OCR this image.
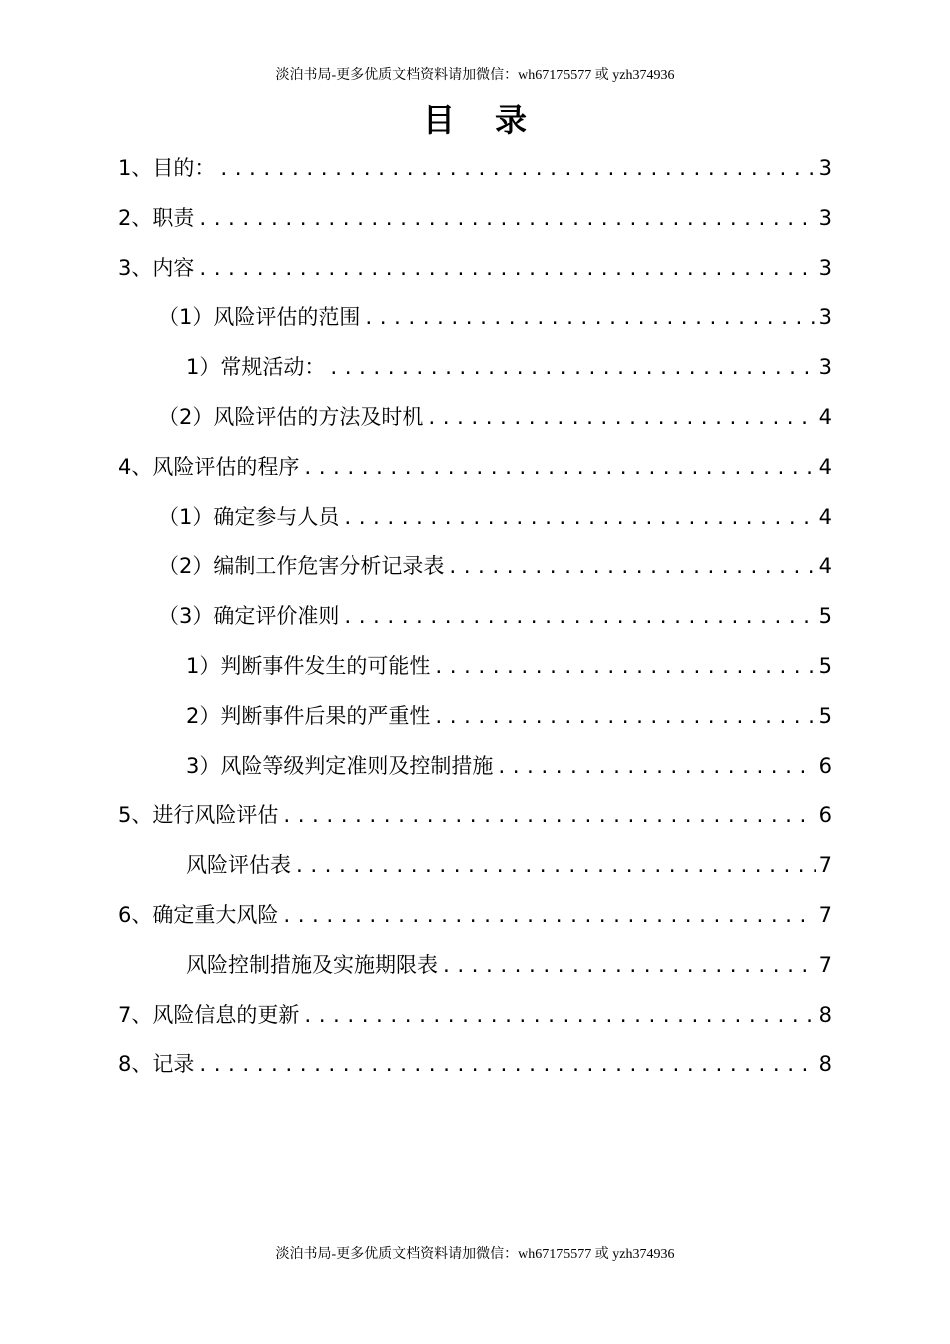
淡泊书局-更多优质文档资料请加微信：wh67175577 或 yzh374936
目录
1、目的： .....	3
2、职责 .....	3
3、内容 .....	3
（1）风险评估的范围 .....	3
1）常规活动： .....	3
（2）风险评估的方法及时机 .....	4
4、风险评估的程序 .....	4
（1）确定参与人员 .....	4
（2）编制工作危害分析记录表 .....	4
（3）确定评价准则 .....	5
1）判断事件发生的可能性 .....	5
2）判断事件后果的严重性 .....	5
3）风险等级判定准则及控制措施 .....	6
5、进行风险评估 .....	6
风险评估表 .....	7
6、确定重大风险 .....	7
风险控制措施及实施期限表 .....	7
7、风险信息的更新 .....	8
8、记录 .....	8
淡泊书局-更多优质文档资料请加微信：wh67175577 或 yzh374936
